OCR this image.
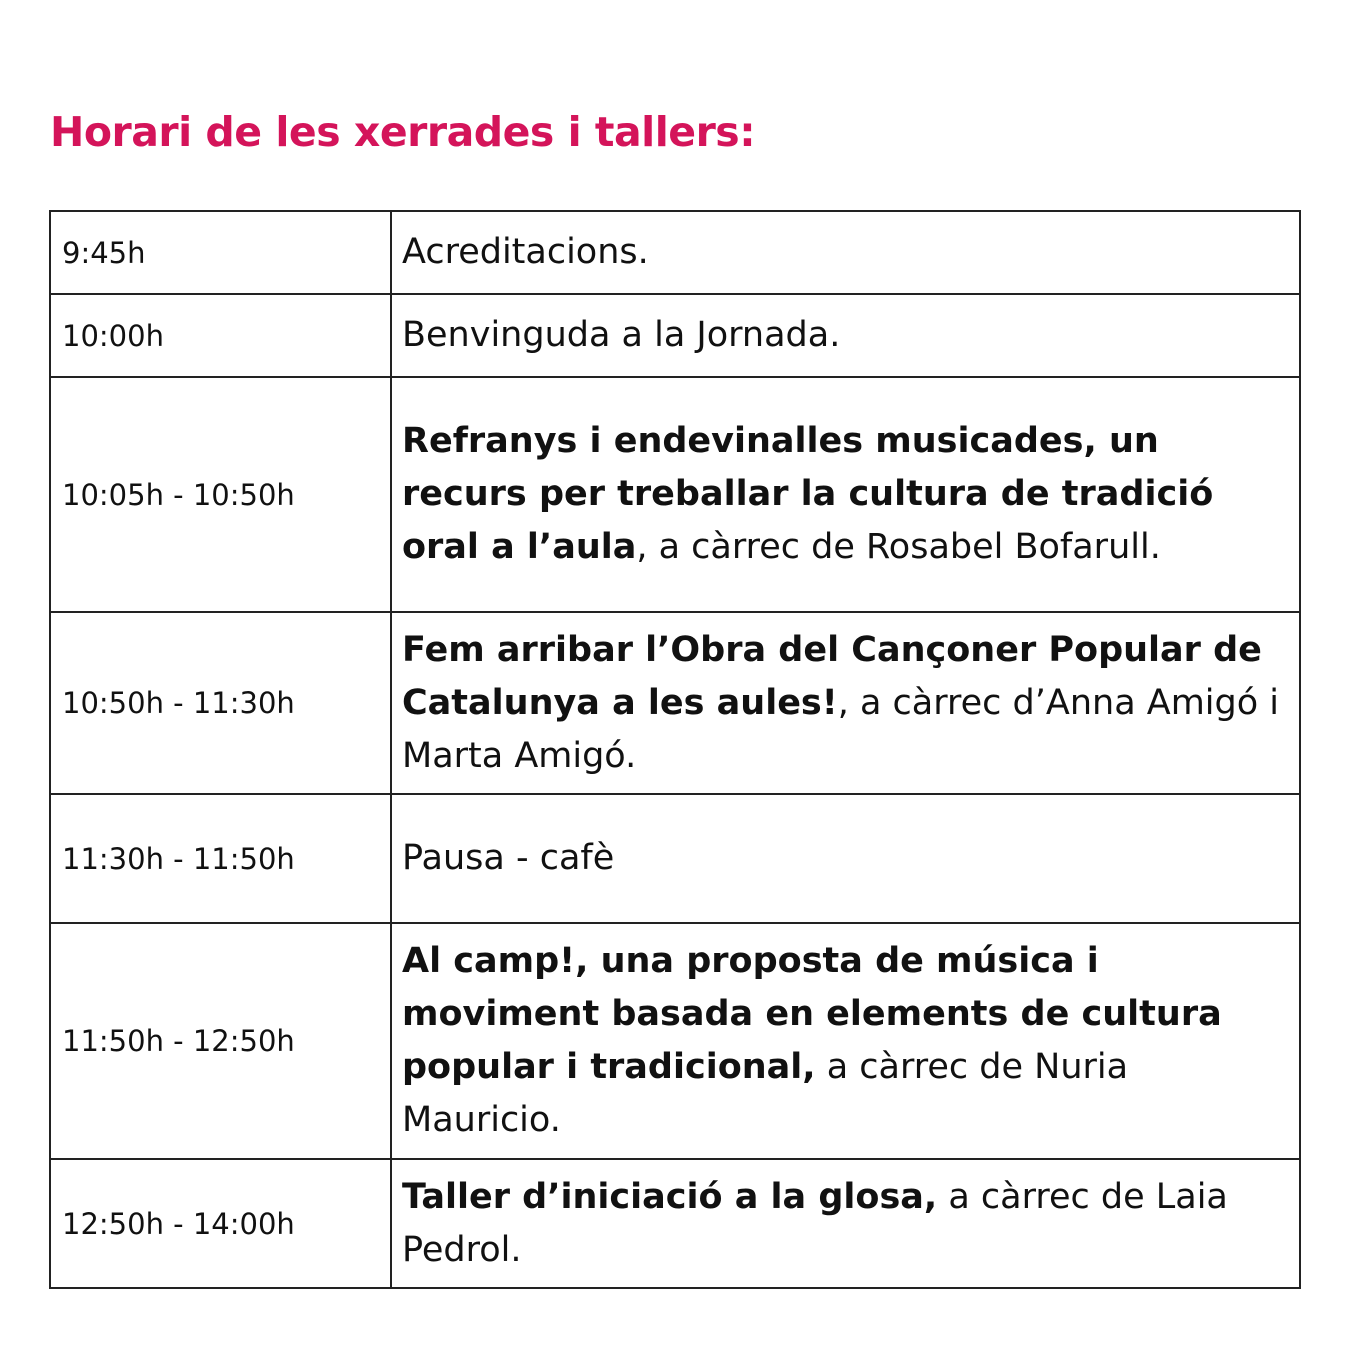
Horari de les xerrades i tallers:
9:45h	Acreditacions.
10:00h	Benvinguda a la Jornada.
10:05h - 10:50h	Refranys i endevinalles musicades, un recurs per treballar la cultura de tradició oral a l’aula, a càrrec de Rosabel Bofarull.
10:50h - 11:30h	Fem arribar l’Obra del Cançoner Popular de Catalunya a les aules!, a càrrec d’Anna Amigó i Marta Amigó.
11:30h - 11:50h	Pausa - cafè
11:50h - 12:50h	Al camp!, una proposta de música i moviment basada en elements de cultura popular i tradicional, a càrrec de Nuria Mauricio.
12:50h - 14:00h	Taller d’iniciació a la glosa, a càrrec de Laia Pedrol.
